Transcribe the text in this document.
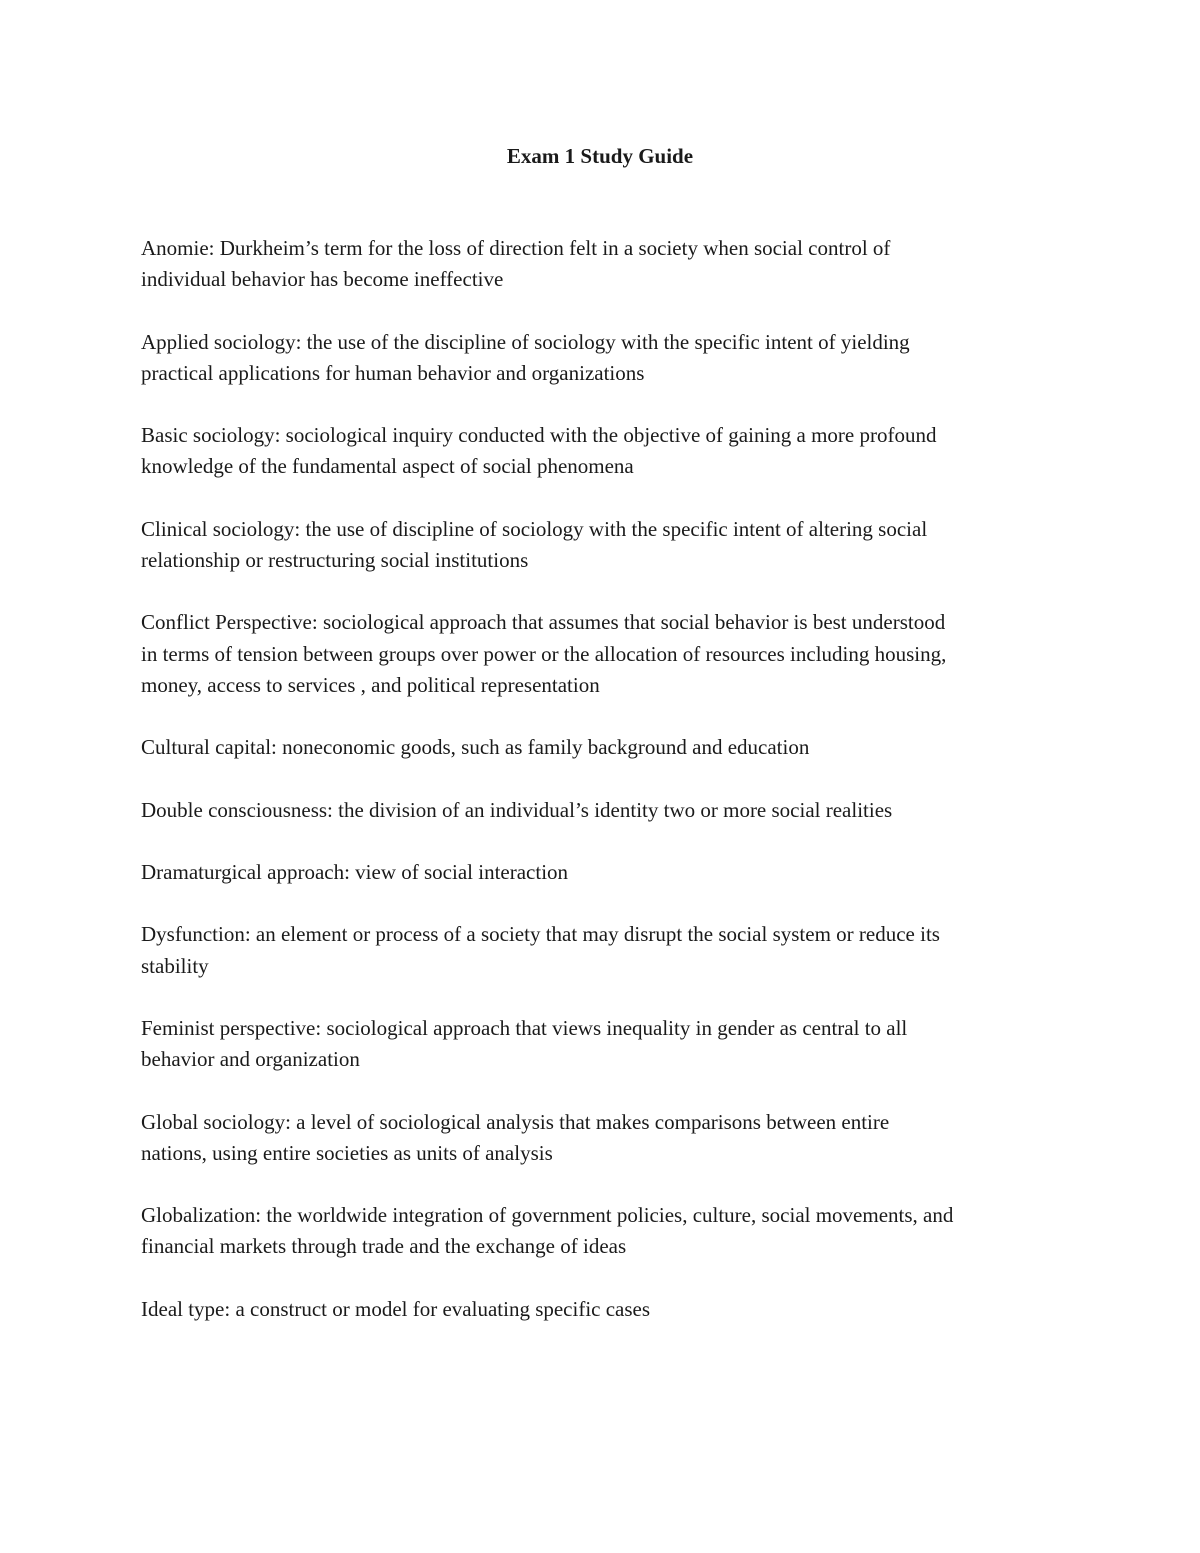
Exam 1 Study Guide
Anomie: Durkheim’s term for the loss of direction felt in a society when social control of
individual behavior has become ineffective
Applied sociology: the use of the discipline of sociology with the specific intent of yielding
practical applications for human behavior and organizations
Basic sociology: sociological inquiry conducted with the objective of gaining a more profound
knowledge of the fundamental aspect of social phenomena
Clinical sociology: the use of discipline of sociology with the specific intent of altering social
relationship or restructuring social institutions
Conflict Perspective: sociological approach that assumes that social behavior is best understood
in terms of tension between groups over power or the allocation of resources including housing,
money, access to services , and political representation
Cultural capital: noneconomic goods, such as family background and education
Double consciousness: the division of an individual’s identity two or more social realities
Dramaturgical approach: view of social interaction
Dysfunction: an element or process of a society that may disrupt the social system or reduce its
stability
Feminist perspective: sociological approach that views inequality in gender as central to all
behavior and organization
Global sociology: a level of sociological analysis that makes comparisons between entire
nations, using entire societies as units of analysis
Globalization: the worldwide integration of government policies, culture, social movements, and
financial markets through trade and the exchange of ideas
Ideal type: a construct or model for evaluating specific cases
